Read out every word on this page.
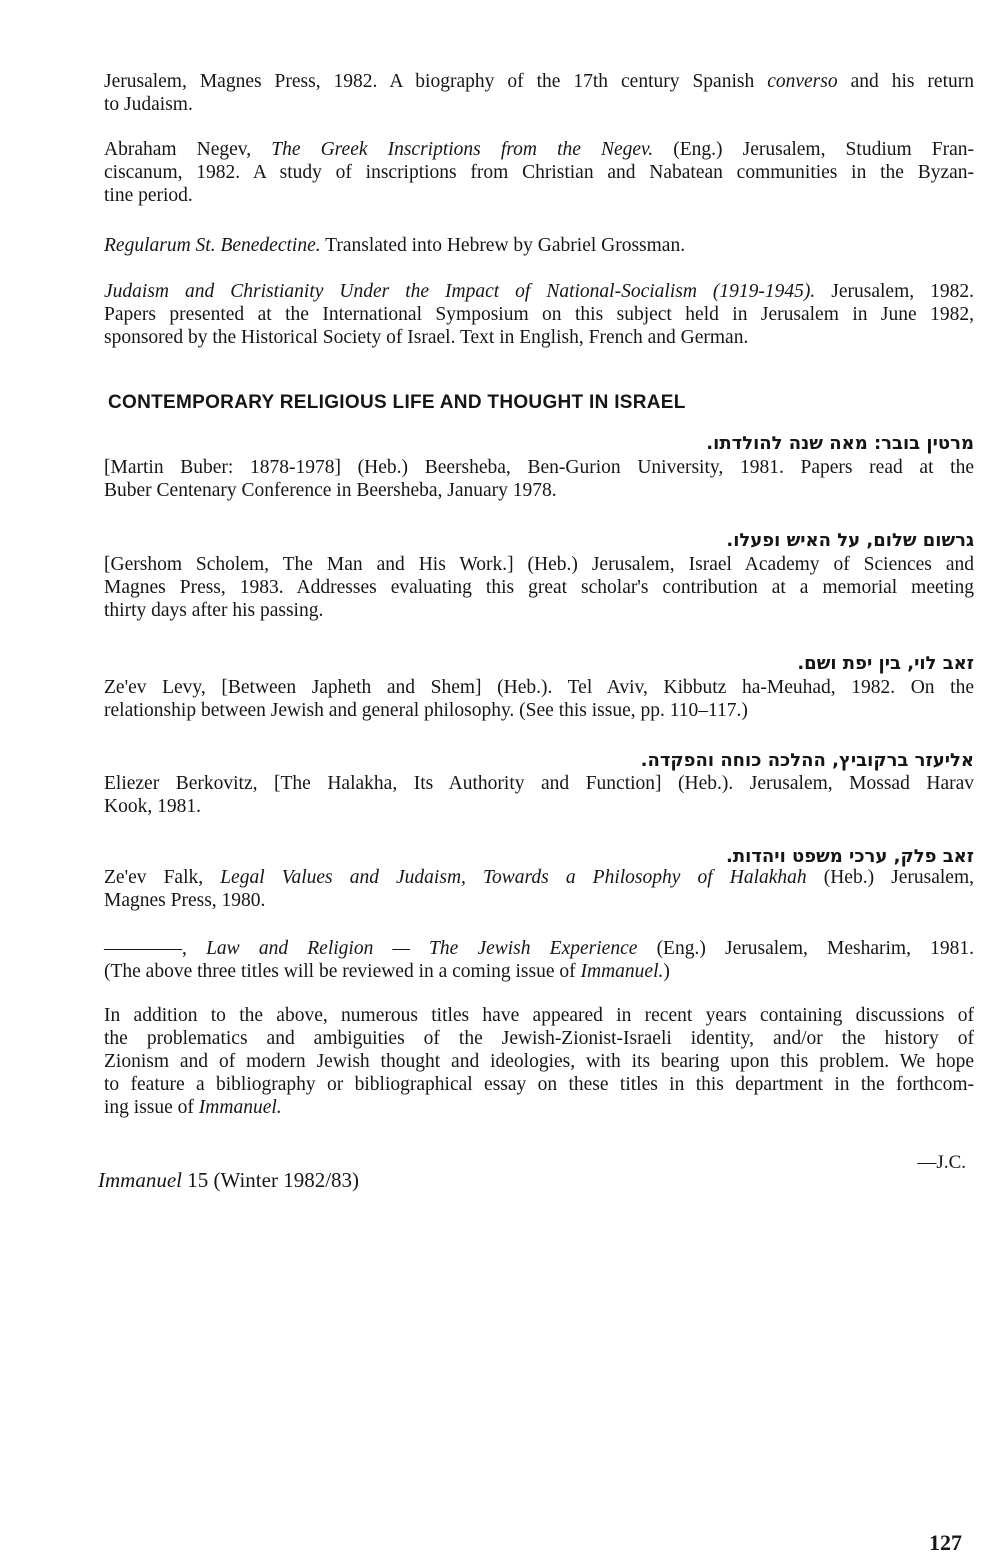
Jerusalem, Magnes Press, 1982. A biography of the 17th century Spanish converso and his return
to Judaism.
Abraham Negev, The Greek Inscriptions from the Negev. (Eng.) Jerusalem, Studium Fran-
ciscanum, 1982. A study of inscriptions from Christian and Nabatean communities in the Byzan-
tine period.
Regularum St. Benedectine. Translated into Hebrew by Gabriel Grossman.
Judaism and Christianity Under the Impact of National-Socialism (1919-1945). Jerusalem, 1982.
Papers presented at the International Symposium on this subject held in Jerusalem in June 1982,
sponsored by the Historical Society of Israel. Text in English, French and German.
CONTEMPORARY RELIGIOUS LIFE AND THOUGHT IN ISRAEL
מרטין בובר: מאה שנה להולדתו.
[Martin Buber: 1878-1978] (Heb.) Beersheba, Ben-Gurion University, 1981. Papers read at the
Buber Centenary Conference in Beersheba, January 1978.
גרשום שלום, על האיש ופעלו.
[Gershom Scholem, The Man and His Work.] (Heb.) Jerusalem, Israel Academy of Sciences and
Magnes Press, 1983. Addresses evaluating this great scholar's contribution at a memorial meeting
thirty days after his passing.
זאב לוי, בין יפת ושם.
Ze'ev Levy, [Between Japheth and Shem] (Heb.). Tel Aviv, Kibbutz ha-Meuhad, 1982. On the
relationship between Jewish and general philosophy. (See this issue, pp. 110–117.)
אליעזר ברקוביץ, ההלכה כוחה והפקדה.
Eliezer Berkovitz, [The Halakha, Its Authority and Function] (Heb.). Jerusalem, Mossad Harav
Kook, 1981.
זאב פלק, ערכי משפט ויהדות.
Ze'ev Falk, Legal Values and Judaism, Towards a Philosophy of Halakhah (Heb.) Jerusalem,
Magnes Press, 1980.
————, Law and Religion — The Jewish Experience (Eng.) Jerusalem, Mesharim, 1981.
(The above three titles will be reviewed in a coming issue of Immanuel.)
In addition to the above, numerous titles have appeared in recent years containing discussions of
the problematics and ambiguities of the Jewish-Zionist-Israeli identity, and/or the history of
Zionism and of modern Jewish thought and ideologies, with its bearing upon this problem. We hope
to feature a bibliography or bibliographical essay on these titles in this department in the forthcom-
ing issue of Immanuel.
—J.C.
Immanuel 15 (Winter 1982/83)
127
